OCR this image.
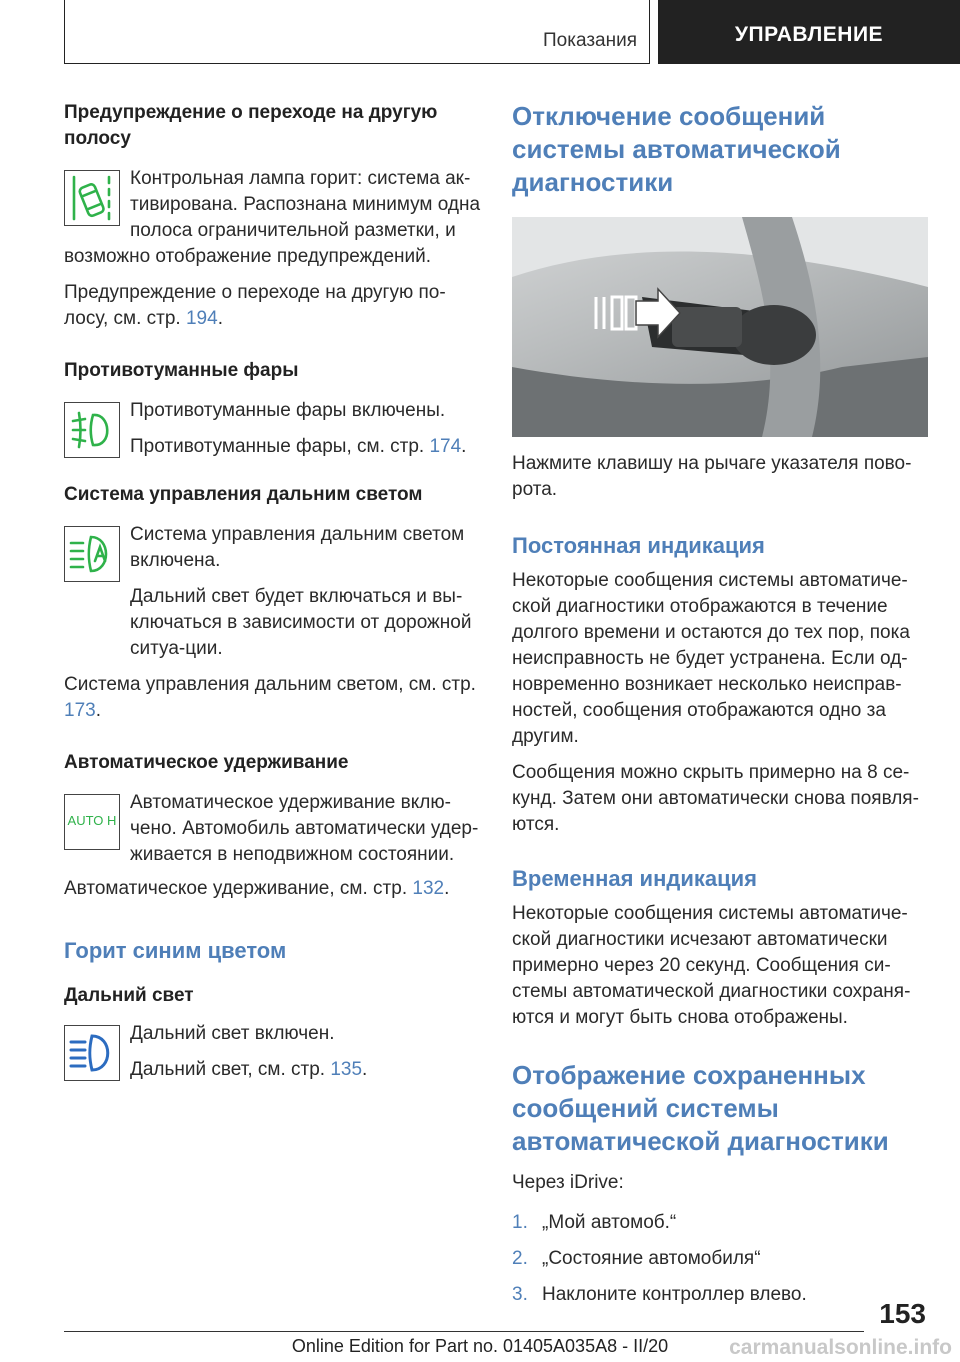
Показания	УПРАВЛЕНИЕ
Предупреждение о переходе на другую полосу
Контрольная лампа горит: система ак-тивирована. Распознана минимум одна полоса ограничительной разметки, и
возможно отображение предупреждений.
Предупреждение о переходе на другую по-лосу, см. стр. 194.
Противотуманные фары
Противотуманные фары включены.
Противотуманные фары, см. стр. 174.
Система управления дальним светом
Система управления дальним светом включена.
Дальний свет будет включаться и вы-ключаться в зависимости от дорожной ситуа-ции.
Система управления дальним светом, см. стр. 173.
Автоматическое удерживание
AUTO H
Автоматическое удерживание вклю-чено. Автомобиль автоматически удер-живается в неподвижном состоянии.
Автоматическое удерживание, см. стр. 132.
Горит синим цветом
Дальний свет
Дальний свет включен.
Дальний свет, см. стр. 135.
Отключение сообщений системы автоматической диагностики
Нажмите клавишу на рычаге указателя пово-рота.
Постоянная индикация
Некоторые сообщения системы автоматиче-ской диагностики отображаются в течение долгого времени и остаются до тех пор, пока неисправность не будет устранена. Если од-новременно возникает несколько неисправ-ностей, сообщения отображаются одно за другим.
Сообщения можно скрыть примерно на 8 се-кунд. Затем они автоматически снова появля-ются.
Временная индикация
Некоторые сообщения системы автоматиче-ской диагностики исчезают автоматически примерно через 20 секунд. Сообщения си-стемы автоматической диагностики сохраня-ются и могут быть снова отображены.
Отображение сохраненных сообщений системы автоматической диагностики
Через iDrive:
1. „Мой автомоб.“
2. „Состояние автомобиля“
3. Наклоните контроллер влево.
153
Online Edition for Part no. 01405A035A8 - II/20	carmanualsonline.info
